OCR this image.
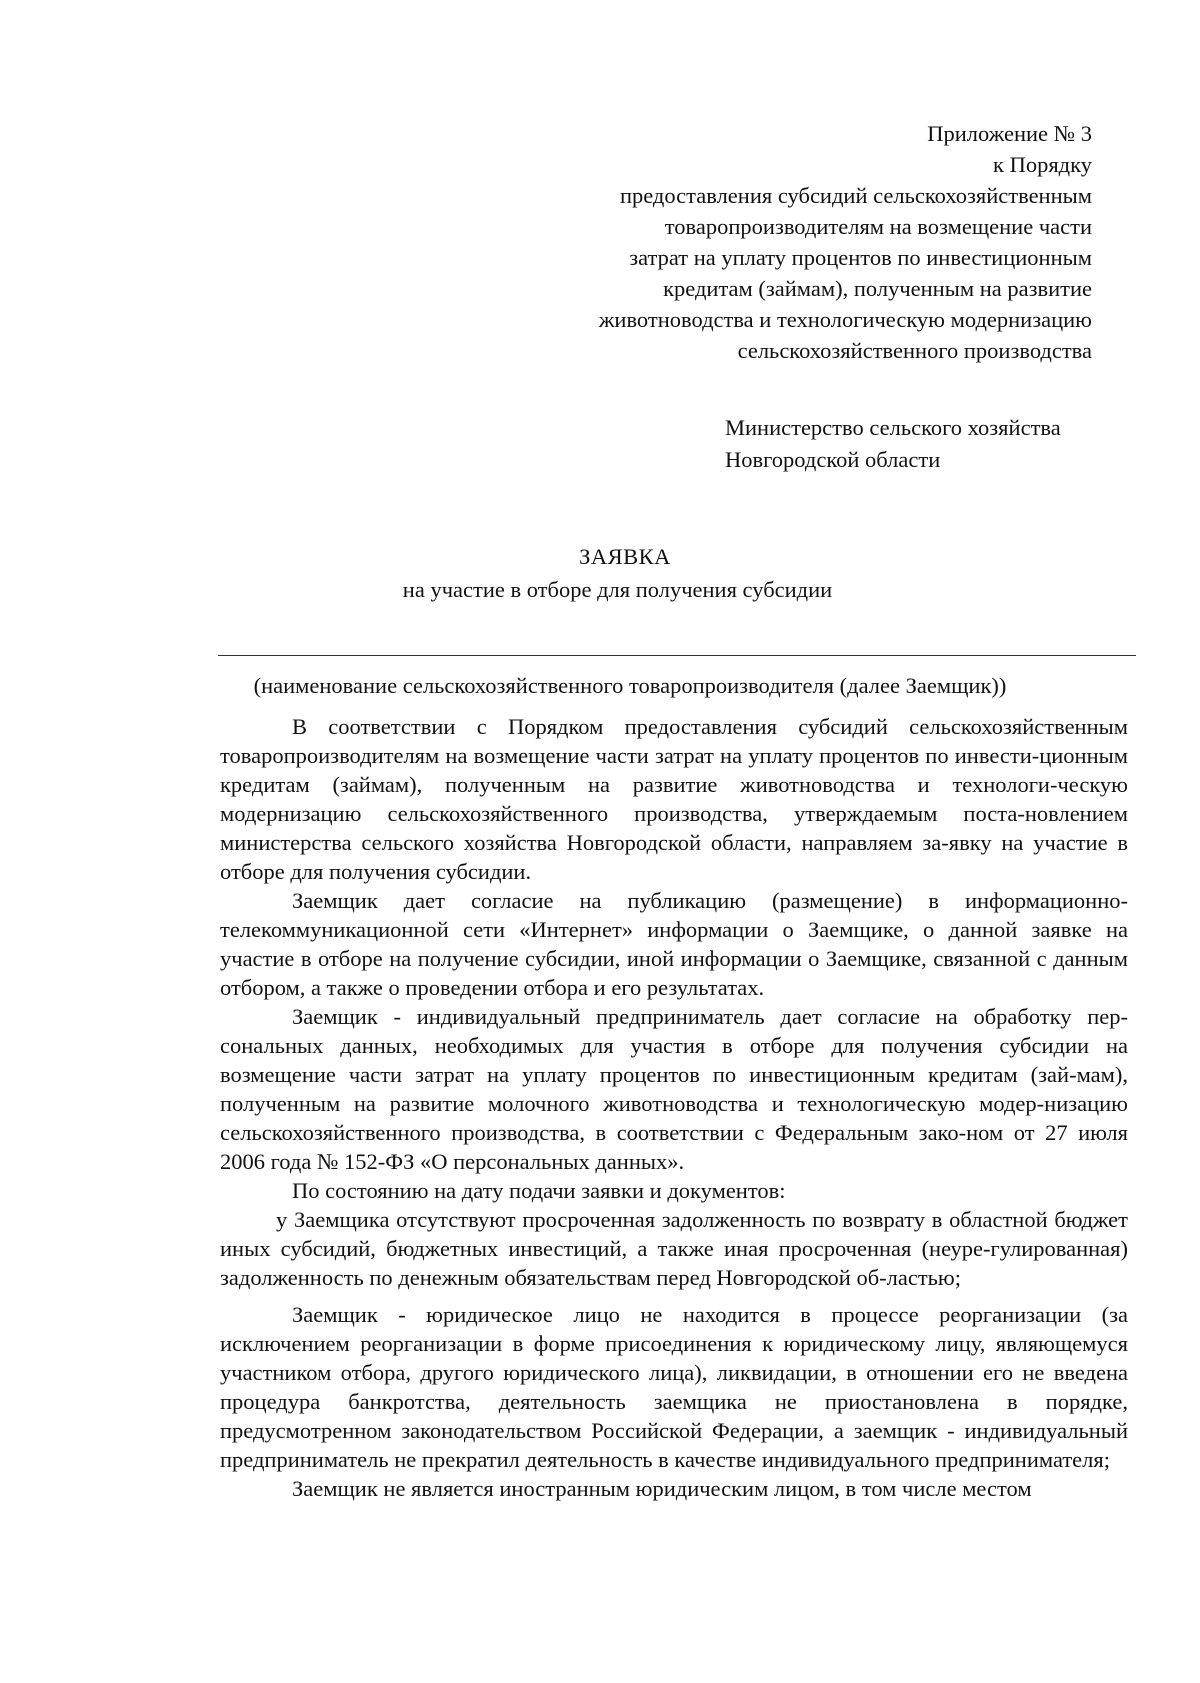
Приложение № 3
к Порядку
предоставления субсидий сельскохозяйственным
товаропроизводителям на возмещение части
затрат на уплату процентов по инвестиционным
кредитам (займам), полученным на развитие
животноводства и технологическую модернизацию
сельскохозяйственного производства
Министерство сельского хозяйства
Новгородской области
ЗАЯВКА
на участие в отборе для получения субсидии
(наименование сельскохозяйственного товаропроизводителя (далее Заемщик))

В соответствии с Порядком предоставления субсидий сельскохозяйственным товаропроизводителям на возмещение части затрат на уплату процентов по инвести-ционным кредитам (займам), полученным на развитие животноводства и технологи-ческую модернизацию сельскохозяйственного производства, утверждаемым поста-новлением министерства сельского хозяйства Новгородской области, направляем за-явку на участие в отборе для получения субсидии.

Заемщик дает согласие на публикацию (размещение) в информационно-телекоммуникационной сети «Интернет» информации о Заемщике, о данной заявке на участие в отборе на получение субсидии, иной информации о Заемщике, связанной с данным отбором, а также о проведении отбора и его результатах.

Заемщик - индивидуальный предприниматель дает согласие на обработку пер-сональных данных, необходимых для участия в отборе для получения субсидии на возмещение части затрат на уплату процентов по инвестиционным кредитам (зай-мам), полученным на развитие молочного животноводства и технологическую модер-низацию сельскохозяйственного производства, в соответствии с Федеральным зако-ном от 27 июля 2006 года № 152-ФЗ «О персональных данных».

По состоянию на дату подачи заявки и документов:

у Заемщика отсутствуют просроченная задолженность по возврату в областной бюджет иных субсидий, бюджетных инвестиций, а также иная просроченная (неуре-гулированная) задолженность по денежным обязательствам перед Новгородской об-ластью;

Заемщик - юридическое лицо не находится в процессе реорганизации (за исключением реорганизации в форме присоединения к юридическому лицу, являющемуся участником отбора, другого юридического лица), ликвидации, в отношении его не введена процедура банкротства, деятельность заемщика не приостановлена в порядке, предусмотренном законодательством Российской Федерации, а заемщик - индивидуальный предприниматель не прекратил деятельность в качестве индивидуального предпринимателя;

Заемщик не является иностранным юридическим лицом, в том числе местом
